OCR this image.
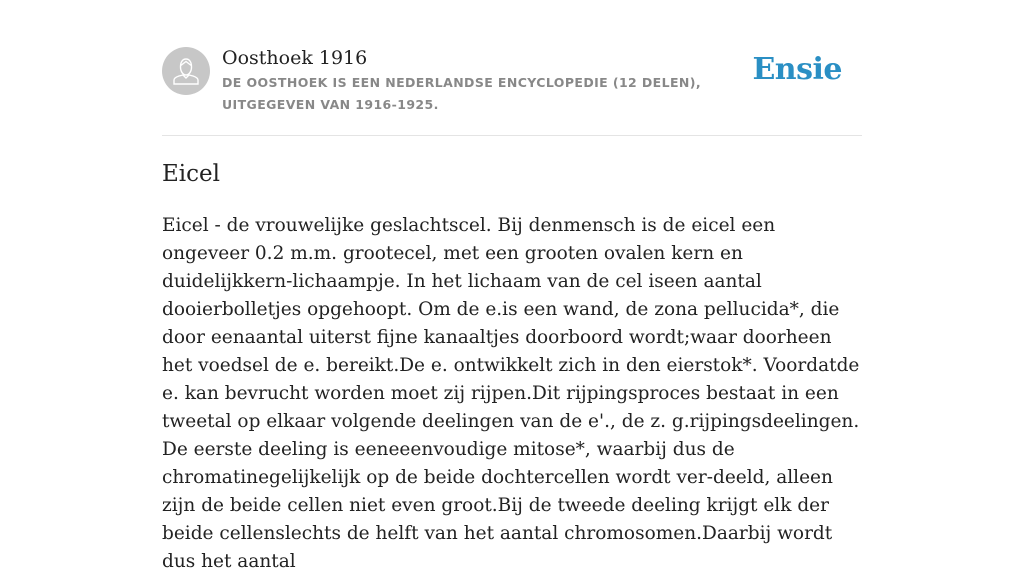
Oosthoek 1916
DE OOSTHOEK IS EEN NEDERLANDSE ENCYCLOPEDIE (12 DELEN), UITGEGEVEN VAN 1916-1925.
Ensie
Eicel

Eicel - de vrouwelijke geslachtscel. Bij denmensch is de eicel een ongeveer 0.2 m.m. grootecel, met een grooten ovalen kern en duidelijkkern-lichaampje. In het lichaam van de cel iseen aantal dooierbolletjes opgehoopt. Om de e.is een wand, de zona pellucida*, die door eenaantal uiterst fijne kanaaltjes doorboord wordt;waar doorheen het voedsel de e. bereikt.De e. ontwikkelt zich in den eierstok*. Voordatde e. kan bevrucht worden moet zij rijpen.Dit rijpingsproces bestaat in een tweetal op elkaar volgende deelingen van de e'., de z. g.rijpingsdeelingen. De eerste deeling is eeneeenvoudige mitose*, waarbij dus de chromatinegelijkelijk op de beide dochtercellen wordt ver-deeld, alleen zijn de beide cellen niet even groot.Bij de tweede deeling krijgt elk der beide cellenslechts de helft van het aantal chromosomen.Daarbij wordt dus het aantal
